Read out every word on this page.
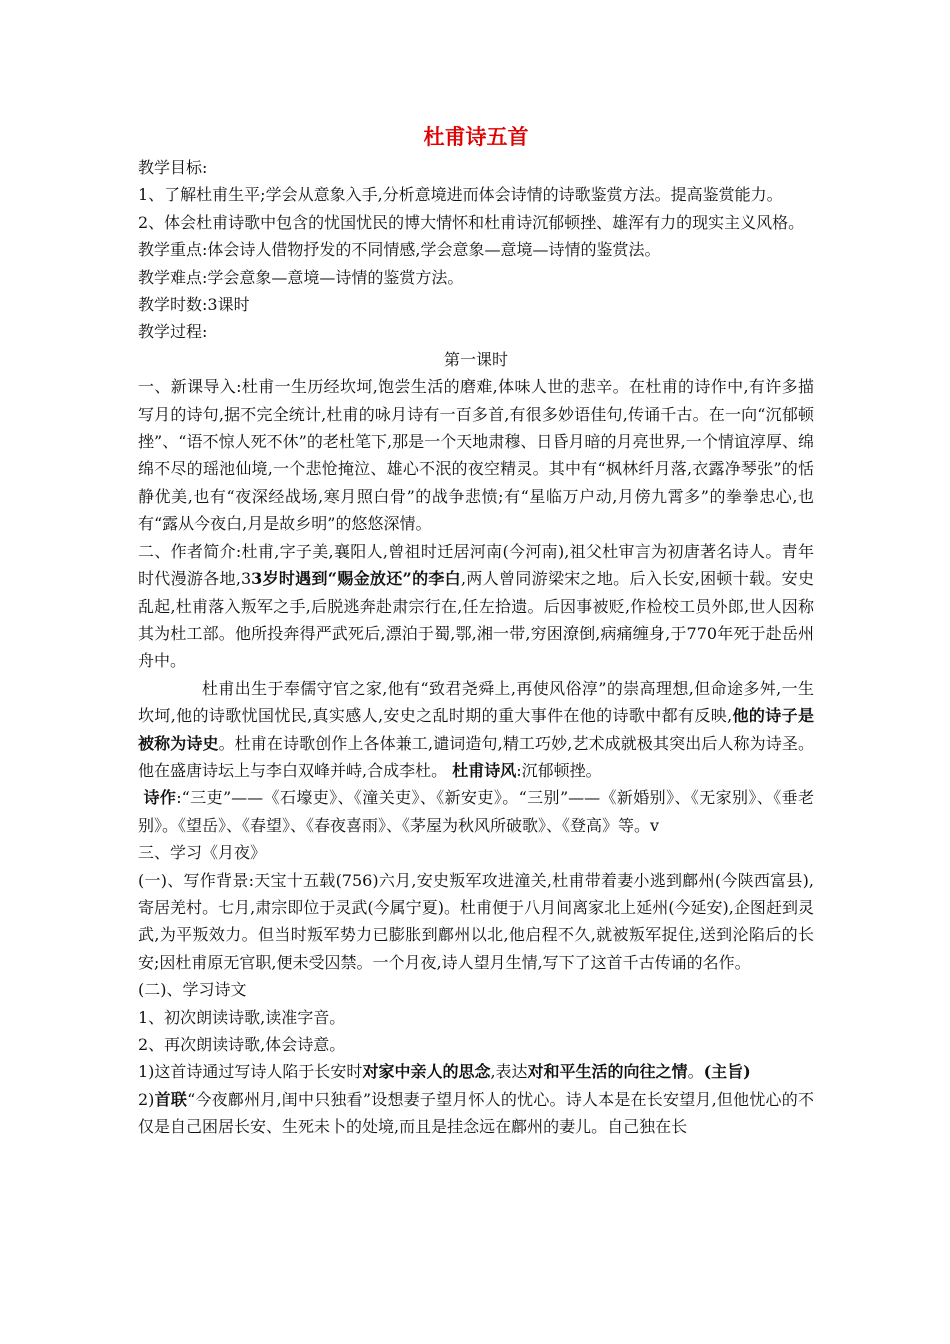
杜甫诗五首

教学目标:

1、了解杜甫生平;学会从意象入手,分析意境进而体会诗情的诗歌鉴赏方法。提高鉴赏能力。

2、体会杜甫诗歌中包含的忧国忧民的博大情怀和杜甫诗沉郁顿挫、雄浑有力的现实主义风格。

教学重点:体会诗人借物抒发的不同情感,学会意象—意境—诗情的鉴赏法。

教学难点:学会意象—意境—诗情的鉴赏方法。

教学时数:3课时

教学过程:

第一课时

一、新课导入:杜甫一生历经坎坷,饱尝生活的磨难,体味人世的悲辛。在杜甫的诗作中,有许多描写月的诗句,据不完全统计,杜甫的咏月诗有一百多首,有很多妙语佳句,传诵千古。在一向“沉郁顿挫”、“语不惊人死不休”的老杜笔下,那是一个天地肃穆、日昏月暗的月亮世界,一个情谊淳厚、绵绵不尽的瑶池仙境,一个悲怆掩泣、雄心不泯的夜空精灵。其中有“枫林纤月落,衣露净琴张”的恬静优美,也有“夜深经战场,寒月照白骨”的战争悲愤;有“星临万户动,月傍九霄多”的拳拳忠心,也有“露从今夜白,月是故乡明”的悠悠深情。

二、作者简介:杜甫,字子美,襄阳人,曾祖时迁居河南(今河南),祖父杜审言为初唐著名诗人。青年时代漫游各地,33岁时遇到“赐金放还”的李白,两人曾同游梁宋之地。后入长安,困顿十载。安史乱起,杜甫落入叛军之手,后脱逃奔赴肃宗行在,任左拾遗。后因事被贬,作检校工员外郎,世人因称其为杜工部。他所投奔得严武死后,漂泊于蜀,鄂,湘一带,穷困潦倒,病痛缠身,于770年死于赴岳州舟中。

杜甫出生于奉儒守官之家,他有“致君尧舜上,再使风俗淳”的崇高理想,但命途多舛,一生坎坷,他的诗歌忧国忧民,真实感人,安史之乱时期的重大事件在他的诗歌中都有反映,他的诗子是被称为诗史。杜甫在诗歌创作上各体兼工,谴词造句,精工巧妙,艺术成就极其突出后人称为诗圣。他在盛唐诗坛上与李白双峰并峙,合成李杜。 杜甫诗风:沉郁顿挫。

诗作:“三吏”——《石壕吏》、《潼关吏》、《新安吏》。“三别”——《新婚别》、《无家别》、《垂老别》。《望岳》、《春望》、《春夜喜雨》、《茅屋为秋风所破歌》、《登高》等。v

三、学习《月夜》

(一)、写作背景:天宝十五载(756)六月,安史叛军攻进潼关,杜甫带着妻小逃到鄜州(今陕西富县),寄居羌村。七月,肃宗即位于灵武(今属宁夏)。杜甫便于八月间离家北上延州(今延安),企图赶到灵武,为平叛效力。但当时叛军势力已膨胀到鄜州以北,他启程不久,就被叛军捉住,送到沦陷后的长安;因杜甫原无官职,便未受囚禁。一个月夜,诗人望月生情,写下了这首千古传诵的名作。

(二)、学习诗文

1、初次朗读诗歌,读准字音。

2、再次朗读诗歌,体会诗意。

1)这首诗通过写诗人陷于长安时对家中亲人的思念,表达对和平生活的向往之情。(主旨)

2)首联“今夜鄜州月,闺中只独看”设想妻子望月怀人的忧心。诗人本是在长安望月,但他忧心的不仅是自己困居长安、生死未卜的处境,而且是挂念远在鄜州的妻儿。自己独在长
